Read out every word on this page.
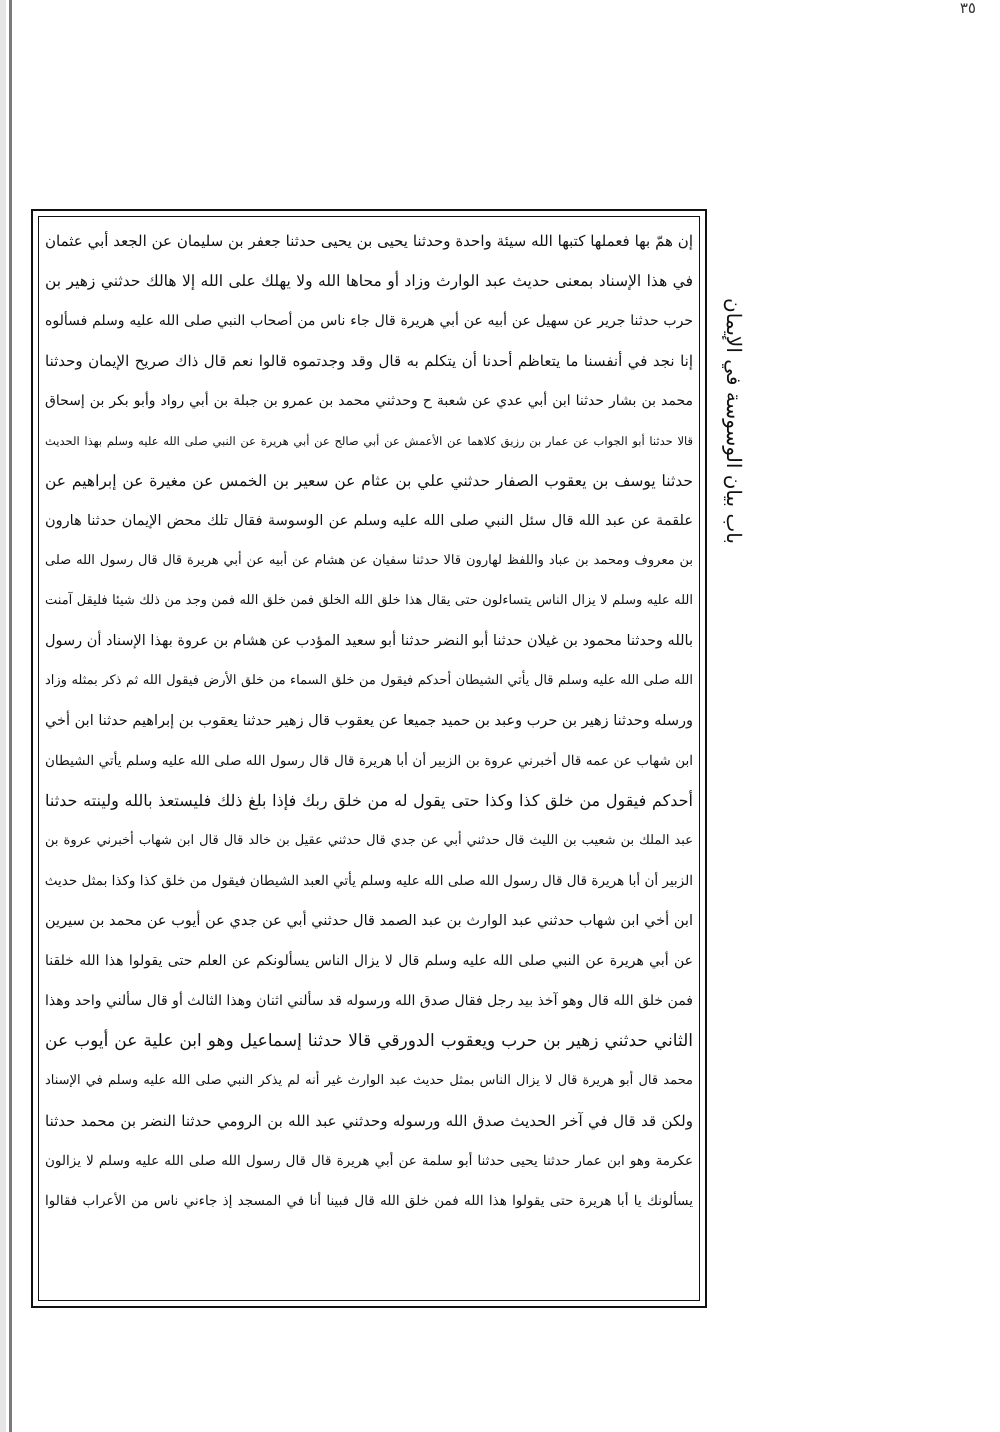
٣٥
إن همّ بها فعملها كتبها الله سيئة واحدة وحدثنا يحيى بن يحيى حدثنا جعفر بن سليمان عن الجعد أبي عثمان
في هذا الإسناد بمعنى حديث عبد الوارث وزاد أو محاها الله ولا يهلك على الله إلا هالك حدثني زهير بن
حرب حدثنا جرير عن سهيل عن أبيه عن أبي هريرة قال جاء ناس من أصحاب النبي صلى الله عليه وسلم فسألوه
إنا نجد في أنفسنا ما يتعاظم أحدنا أن يتكلم به قال وقد وجدتموه قالوا نعم قال ذاك صريح الإيمان وحدثنا
محمد بن بشار حدثنا ابن أبي عدي عن شعبة ح وحدثني محمد بن عمرو بن جبلة بن أبي رواد وأبو بكر بن إسحاق
قالا حدثنا أبو الجواب عن عمار بن رزيق كلاهما عن الأعمش عن أبي صالح عن أبي هريرة عن النبي صلى الله عليه وسلم بهذا الحديث
حدثنا يوسف بن يعقوب الصفار حدثني علي بن عثام عن سعير بن الخمس عن مغيرة عن إبراهيم عن
علقمة عن عبد الله قال سئل النبي صلى الله عليه وسلم عن الوسوسة فقال تلك محض الإيمان حدثنا هارون
بن معروف ومحمد بن عباد واللفظ لهارون قالا حدثنا سفيان عن هشام عن أبيه عن أبي هريرة قال قال رسول الله صلى
الله عليه وسلم لا يزال الناس يتساءلون حتى يقال هذا خلق الله الخلق فمن خلق الله فمن وجد من ذلك شيئا فليقل آمنت
بالله وحدثنا محمود بن غيلان حدثنا أبو النضر حدثنا أبو سعيد المؤدب عن هشام بن عروة بهذا الإسناد أن رسول
الله صلى الله عليه وسلم قال يأتي الشيطان أحدكم فيقول من خلق السماء من خلق الأرض فيقول الله ثم ذكر بمثله وزاد
ورسله وحدثنا زهير بن حرب وعبد بن حميد جميعا عن يعقوب قال زهير حدثنا يعقوب بن إبراهيم حدثنا ابن أخي
ابن شهاب عن عمه قال أخبرني عروة بن الزبير أن أبا هريرة قال قال رسول الله صلى الله عليه وسلم يأتي الشيطان
أحدكم فيقول من خلق كذا وكذا حتى يقول له من خلق ربك فإذا بلغ ذلك فليستعذ بالله ولينته حدثنا
عبد الملك بن شعيب بن الليث قال حدثني أبي عن جدي قال حدثني عقيل بن خالد قال قال ابن شهاب أخبرني عروة بن
الزبير أن أبا هريرة قال قال رسول الله صلى الله عليه وسلم يأتي العبد الشيطان فيقول من خلق كذا وكذا بمثل حديث
ابن أخي ابن شهاب حدثني عبد الوارث بن عبد الصمد قال حدثني أبي عن جدي عن أيوب عن محمد بن سيرين
عن أبي هريرة عن النبي صلى الله عليه وسلم قال لا يزال الناس يسألونكم عن العلم حتى يقولوا هذا الله خلقنا
فمن خلق الله قال وهو آخذ بيد رجل فقال صدق الله ورسوله قد سألني اثنان وهذا الثالث أو قال سألني واحد وهذا
الثاني حدثني زهير بن حرب ويعقوب الدورقي قالا حدثنا إسماعيل وهو ابن علية عن أيوب عن
محمد قال أبو هريرة قال لا يزال الناس بمثل حديث عبد الوارث غير أنه لم يذكر النبي صلى الله عليه وسلم في الإسناد
ولكن قد قال في آخر الحديث صدق الله ورسوله وحدثني عبد الله بن الرومي حدثنا النضر بن محمد حدثنا
عكرمة وهو ابن عمار حدثنا يحيى حدثنا أبو سلمة عن أبي هريرة قال قال رسول الله صلى الله عليه وسلم لا يزالون
يسألونك يا أبا هريرة حتى يقولوا هذا الله فمن خلق الله قال فبينا أنا في المسجد إذ جاءني ناس من الأعراب فقالوا
باب بيان الوسوسة في الإيمان
